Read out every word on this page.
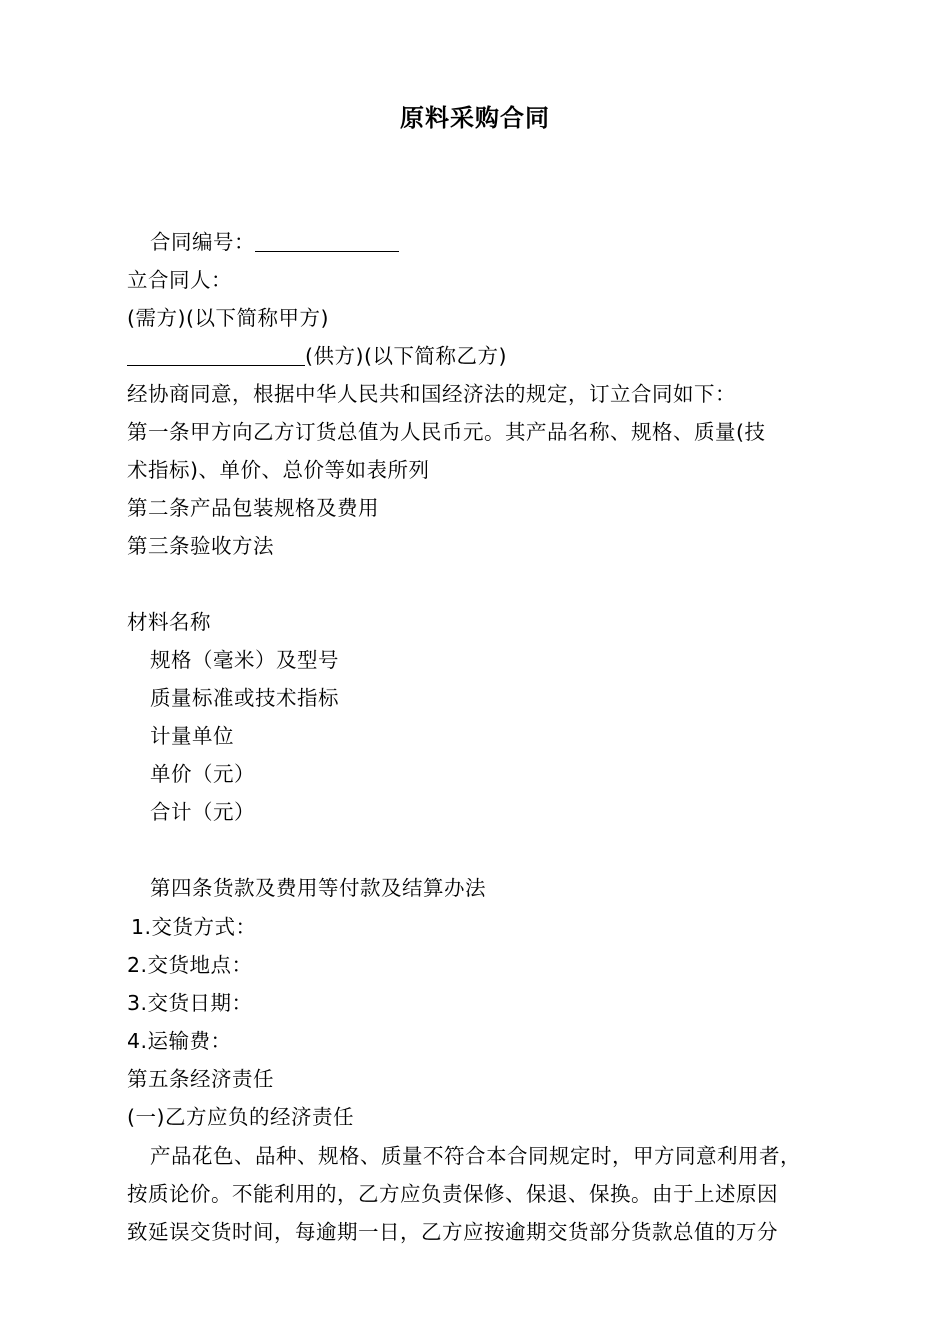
原料采购合同
合同编号：
立合同人：
(需方)(以下简称甲方)
(供方)(以下简称乙方)
经协商同意，根据中华人民共和国经济法的规定，订立合同如下：
第一条甲方向乙方订货总值为人民币元。其产品名称、规格、质量(技
术指标)、单价、总价等如表所列
第二条产品包装规格及费用
第三条验收方法
材料名称
规格（毫米）及型号
质量标准或技术指标
计量单位
单价（元）
合计（元）
第四条货款及费用等付款及结算办法
1.交货方式：
2.交货地点：
3.交货日期：
4.运输费：
第五条经济责任
(一)乙方应负的经济责任
产品花色、品种、规格、质量不符合本合同规定时，甲方同意利用者，
按质论价。不能利用的，乙方应负责保修、保退、保换。由于上述原因
致延误交货时间，每逾期一日，乙方应按逾期交货部分货款总值的万分
